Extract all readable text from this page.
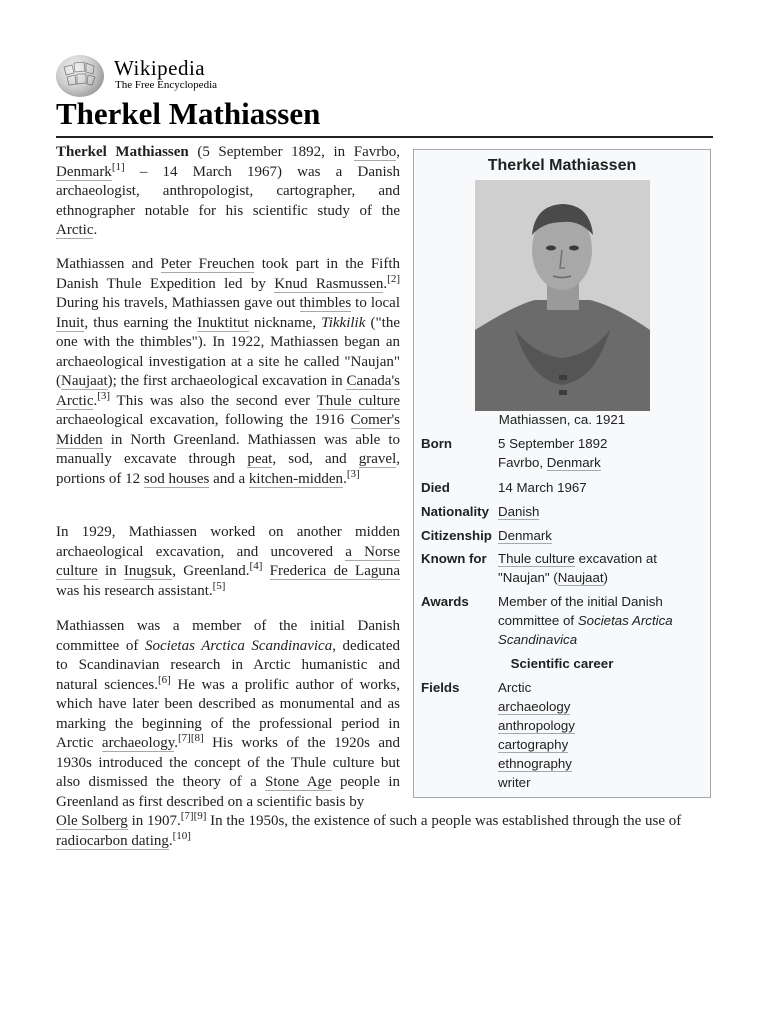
Wikipedia
The Free Encyclopedia
Therkel Mathiassen
Therkel Mathiassen
Mathiassen, ca. 1921
Born	5 September 1892
Favrbo, Denmark
Died	14 March 1967
Nationality Danish
Citizenship Denmark
Known for Thule culture excavation at
"Naujan" (Naujaat)
Awards Member of the initial Danish
committee of Societas Arctica
Scandinavica
Scientific career
Fields	Arctic
archaeology
anthropology
cartography
ethnography
writer

Therkel Mathiassen (5 September 1892, in Favrbo, Denmark[1] – 14 March 1967) was a Danish archaeologist, anthropologist, cartographer, and ethnographer notable for his scientific study of the Arctic.

Mathiassen and Peter Freuchen took part in the Fifth Danish Thule Expedition led by Knud Rasmussen.[2] During his travels, Mathiassen gave out thimbles to local Inuit, thus earning the Inuktitut nickname, Tikkilik ("the one with the thimbles"). In 1922, Mathiassen began an archaeological investigation at a site he called "Naujan" (Naujaat); the first archaeological excavation in Canada's Arctic.[3] This was also the second ever Thule culture archaeological excavation, following the 1916 Comer's Midden in North Greenland. Mathiassen was able to manually excavate through peat, sod, and gravel, portions of 12 sod houses and a kitchen-midden.[3]

In 1929, Mathiassen worked on another midden archaeological excavation, and uncovered a Norse culture in Inugsuk, Greenland.[4] Frederica de Laguna was his research assistant.[5]

Mathiassen was a member of the initial Danish committee of Societas Arctica Scandinavica, dedicated to Scandinavian research in Arctic humanistic and natural sciences.[6] He was a prolific author of works, which have later been described as monumental and as marking the beginning of the professional period in Arctic archaeology.[7][8] His works of the 1920s and 1930s introduced the concept of the Thule culture but also dismissed the theory of a Stone Age people in Greenland as first described on a scientific basis by

Ole Solberg in 1907.[7][9] In the 1950s, the existence of such a people was established through the use of radiocarbon dating.[10]
